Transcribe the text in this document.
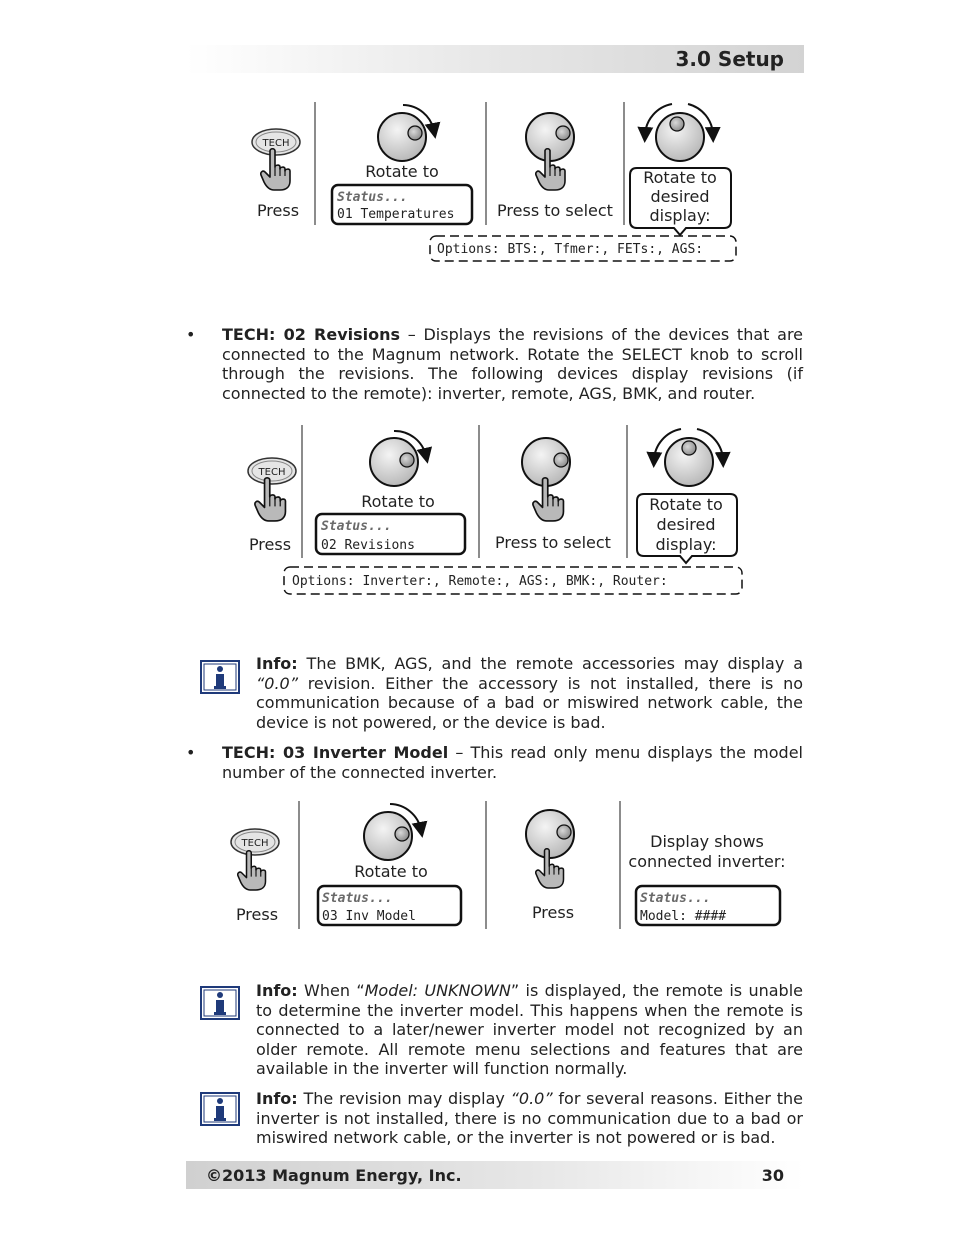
3.0 Setup
TECH
Press
Rotate to
Status...
01 Temperatures	Press to select
Rotate to
desired
display:
Options: BTS:, Tfmer:, FETs:, AGS:
• TECH: 02 Revisions – Displays the revisions of the devices that are connected to the Magnum network. Rotate the SELECT knob to scroll through the revisions. The following devices display revisions (if connected to the remote): inverter, remote, AGS, BMK, and router.
TECH
Press
Rotate to
Status...
02 Revisions	Press to select
Rotate to
desired
display:
Options: Inverter:, Remote:, AGS:, BMK:, Router:
Info: The BMK, AGS, and the remote accessories may display a “0.0” revision. Either the accessory is not installed, there is no communication because of a bad or miswired network cable, the device is not powered, or the device is bad.
• TECH: 03 Inverter Model – This read only menu displays the model number of the connected inverter.
TECH
Press
Rotate to
Status...
03 Inv Model	Press
Display shows
connected inverter:
Status...
Model: ####
Info: When “Model: UNKNOWN” is displayed, the remote is unable to determine the inverter model. This happens when the remote is connected to a later/newer inverter model not recognized by an older remote. All remote menu selections and features that are available in the inverter will function normally.
Info: The revision may display “0.0” for several reasons. Either the inverter is not installed, there is no communication due to a bad or miswired network cable, or the inverter is not powered or is bad.
©2013 Magnum Energy, Inc.	30
